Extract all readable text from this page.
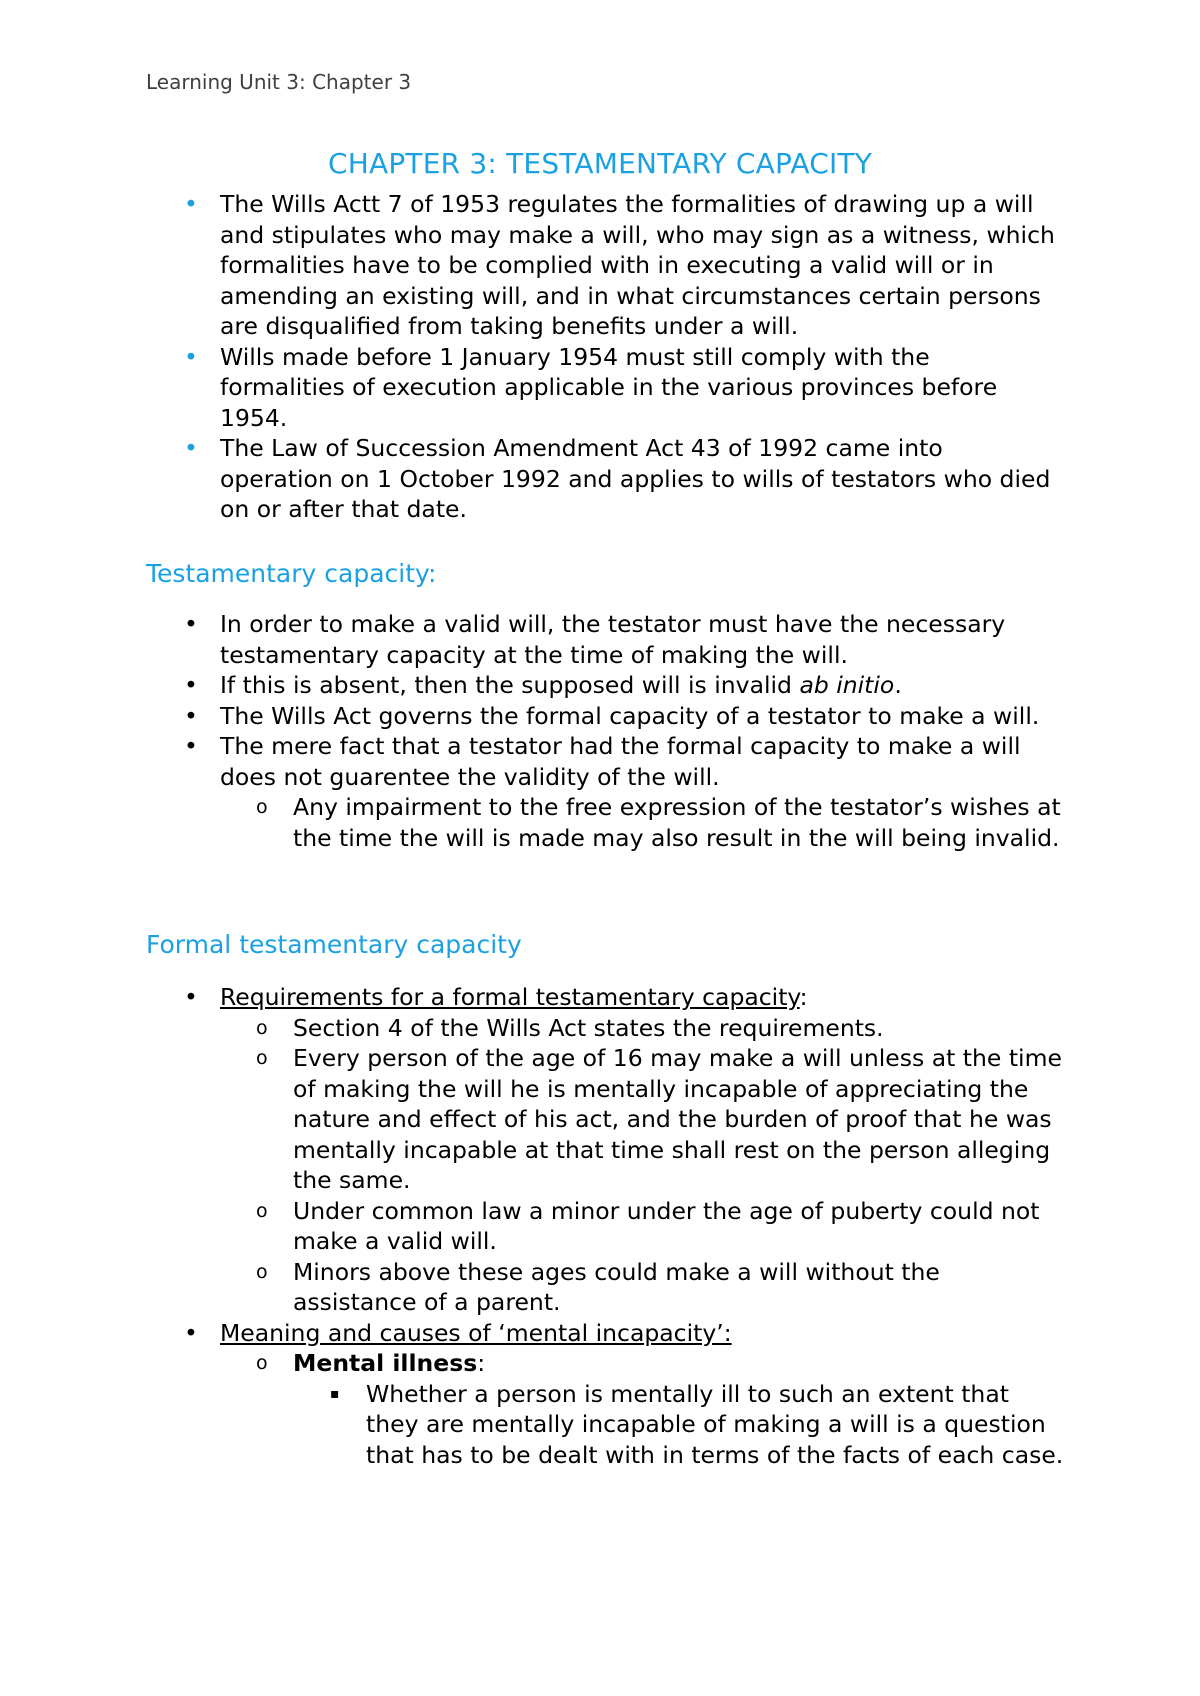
Learning Unit 3: Chapter 3
CHAPTER 3: TESTAMENTARY CAPACITY
• The Wills Actt 7 of 1953 regulates the formalities of drawing up a will and stipulates who may make a will, who may sign as a witness, which formalities have to be complied with in executing a valid will or in amending an existing will, and in what circumstances certain persons are disqualified from taking benefits under a will.
• Wills made before 1 January 1954 must still comply with the formalities of execution applicable in the various provinces before 1954.
• The Law of Succession Amendment Act 43 of 1992 came into operation on 1 October 1992 and applies to wills of testators who died on or after that date.
Testamentary capacity:
• In order to make a valid will, the testator must have the necessary testamentary capacity at the time of making the will.
• If this is absent, then the supposed will is invalid ab initio.
• The Wills Act governs the formal capacity of a testator to make a will.
• The mere fact that a testator had the formal capacity to make a will does not guarentee the validity of the will.
o Any impairment to the free expression of the testator’s wishes at the time the will is made may also result in the will being invalid.
Formal testamentary capacity
• Requirements for a formal testamentary capacity:
o Section 4 of the Wills Act states the requirements.
o Every person of the age of 16 may make a will unless at the time of making the will he is mentally incapable of appreciating the nature and effect of his act, and the burden of proof that he was mentally incapable at that time shall rest on the person alleging the same.
o Under common law a minor under the age of puberty could not make a valid will.
o Minors above these ages could make a will without the assistance of a parent.
• Meaning and causes of ‘mental incapacity’:
o Mental illness:
▪ Whether a person is mentally ill to such an extent that they are mentally incapable of making a will is a question that has to be dealt with in terms of the facts of each case.
